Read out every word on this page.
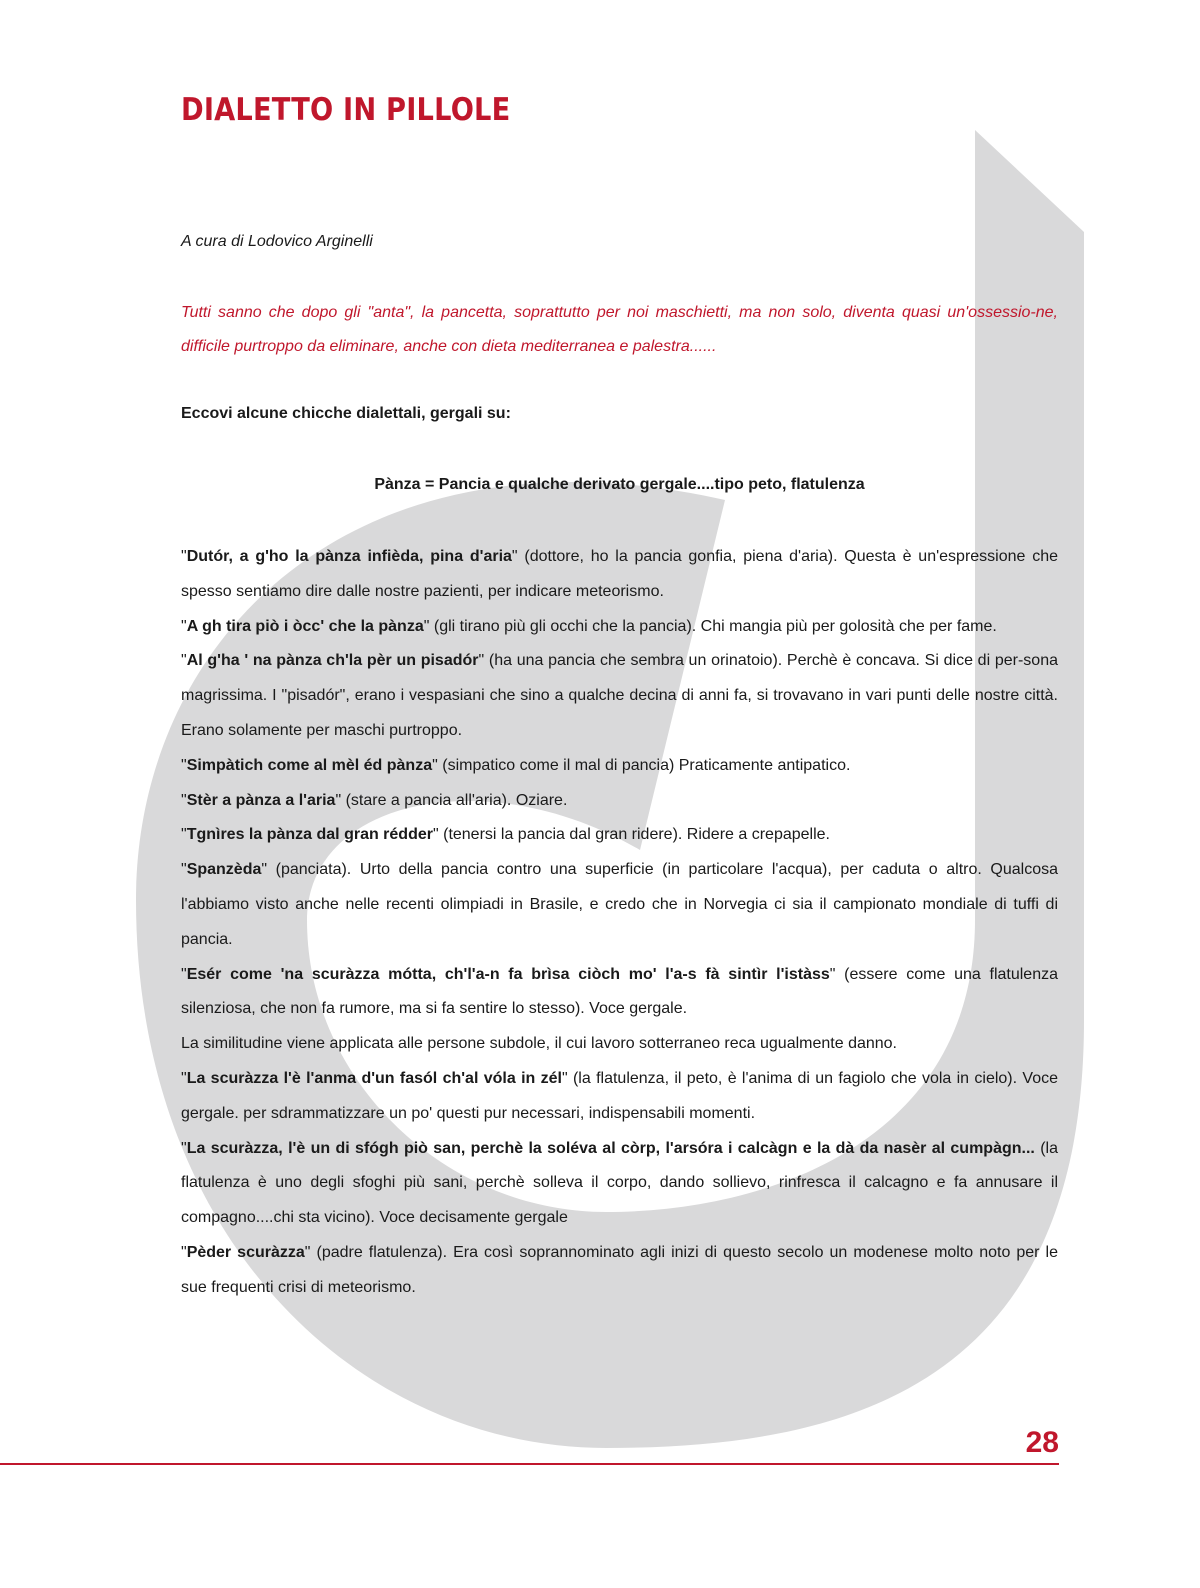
DIALETTO IN PILLOLE

A cura di Lodovico Arginelli

Tutti sanno che dopo gli "anta", la pancetta, soprattutto per noi maschietti, ma non solo, diventa quasi un'ossessio-ne, difficile purtroppo da eliminare, anche con dieta mediterranea e palestra......

Eccovi alcune chicche dialettali, gergali su:

Pànza = Pancia e qualche derivato gergale....tipo peto, flatulenza

"Dutór, a g'ho la pànza infièda, pina d'aria" (dottore, ho la pancia gonfia, piena d'aria). Questa è un'espressione che spesso sentiamo dire dalle nostre pazienti, per indicare meteorismo.

"A gh tira piò i òcc' che la pànza" (gli tirano più gli occhi che la pancia). Chi mangia più per golosità che per fame.

"Al g'ha ' na pànza ch'la pèr un pisadór" (ha una pancia che sembra un orinatoio). Perchè è concava. Si dice di per-sona magrissima. I "pisadór", erano i vespasiani che sino a qualche decina di anni fa, si trovavano in vari punti delle nostre città. Erano solamente per maschi purtroppo.

"Simpàtich come al mèl éd pànza" (simpatico come il mal di pancia) Praticamente antipatico.

"Stèr a pànza a l'aria" (stare a pancia all'aria). Oziare.

"Tgnìres la pànza dal gran rédder" (tenersi la pancia dal gran ridere). Ridere a crepapelle.

"Spanzèda" (panciata). Urto della pancia contro una superficie (in particolare l'acqua), per caduta o altro. Qualcosa l'abbiamo visto anche nelle recenti olimpiadi in Brasile, e credo che in Norvegia ci sia il campionato mondiale di tuffi di pancia.

"Esér come 'na scuràzza mótta, ch'l'a-n fa brìsa ciòch mo' l'a-s fà sintìr l'istàss" (essere come una flatulenza silenziosa, che non fa rumore, ma si fa sentire lo stesso). Voce gergale.

La similitudine viene applicata alle persone subdole, il cui lavoro sotterraneo reca ugualmente danno.

"La scuràzza l'è l'anma d'un fasól ch'al vóla in zél" (la flatulenza, il peto, è l'anima di un fagiolo che vola in cielo). Voce gergale. per sdrammatizzare un po' questi pur necessari, indispensabili momenti.

"La scuràzza, l'è un di sfógh piò san, perchè la soléva al còrp, l'arsóra i calcàgn e la dà da nasèr al cumpàgn... (la flatulenza è uno degli sfoghi più sani, perchè solleva il corpo, dando sollievo, rinfresca il calcagno e fa annusare il compagno....chi sta vicino). Voce decisamente gergale

"Pèder scuràzza" (padre flatulenza). Era così soprannominato agli inizi di questo secolo un modenese molto noto per le sue frequenti crisi di meteorismo.

28
